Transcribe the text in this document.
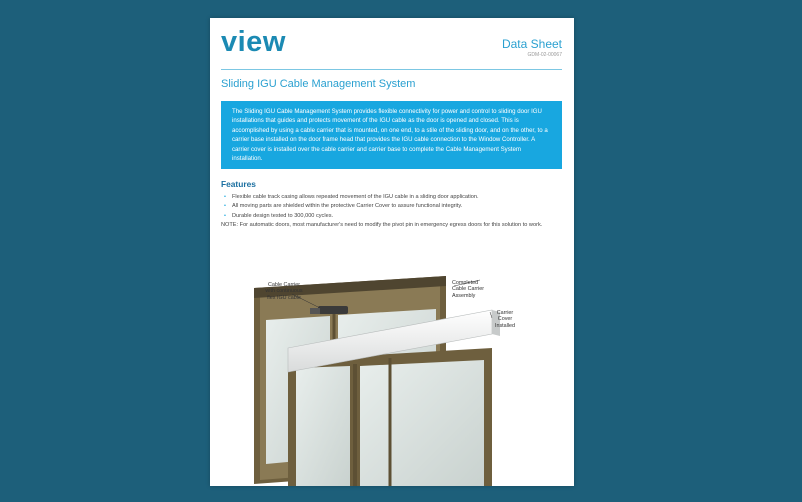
view	Data Sheet
GDM-02-00067
Sliding IGU Cable Management System
The Sliding IGU Cable Management System provides flexible connectivity for power and control to sliding door IGU installations that guides and protects movement of the IGU cable as the door is opened and closed. This is accomplished by using a cable carrier that is mounted, on one end, to a stile of the sliding door, and on the other, to a carrier base installed on the door frame head that provides the IGU cable connection to the Window Controller. A carrier cover is installed over the cable carrier and carrier base to complete the Cable Management System installation.
Features
•	Flexible cable track casing allows repeated movement of the IGU cable in a sliding door application.
•	All moving parts are shielded within the protective Carrier Cover to assure functional integrity.
•	Durable design tested to 300,000 cycles.
NOTE: For automatic doors, most manufacturer's need to modify the pivot pin in emergency egress doors for this solution to work.
Cable Carrier
with continuous
flex IGU cable
Completed
Cable Carrier
Assembly
Carrier
Cover
Installed
